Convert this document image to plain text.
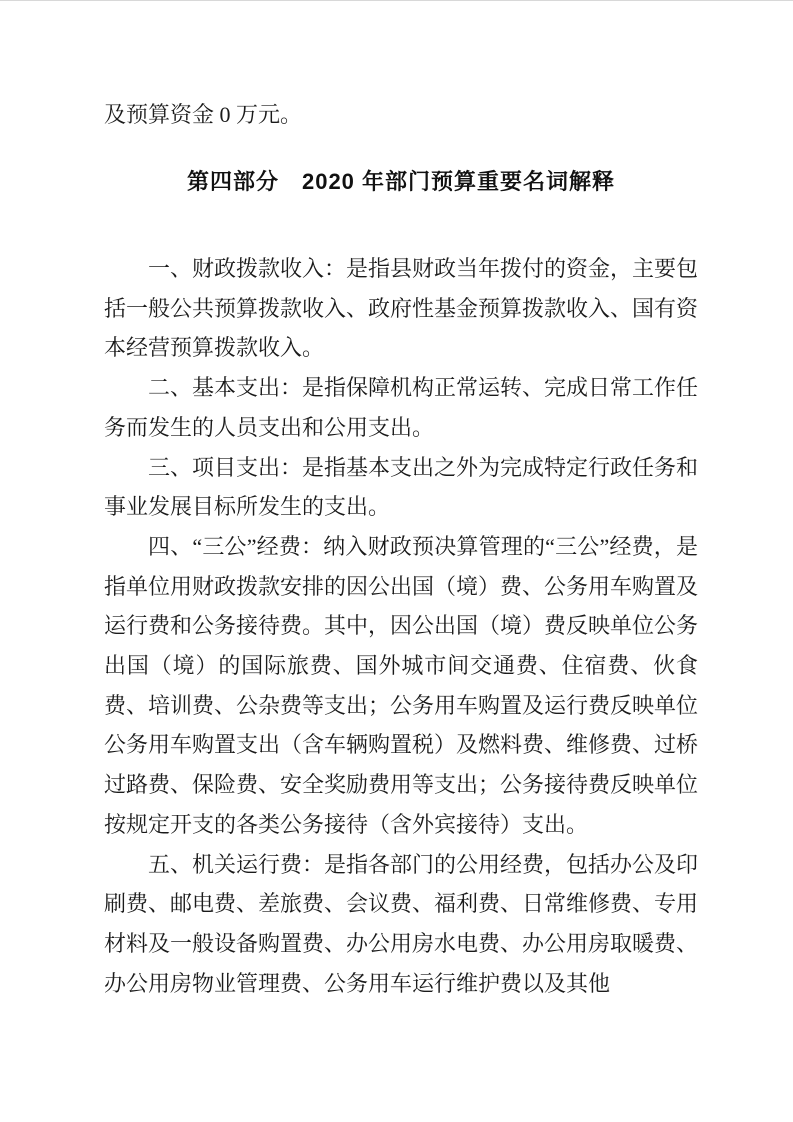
及预算资金 0 万元。

第四部分　2020 年部门预算重要名词解释

一、财政拨款收入：是指县财政当年拨付的资金，主要包括一般公共预算拨款收入、政府性基金预算拨款收入、国有资本经营预算拨款收入。

二、基本支出：是指保障机构正常运转、完成日常工作任务而发生的人员支出和公用支出。

三、项目支出：是指基本支出之外为完成特定行政任务和事业发展目标所发生的支出。

四、“三公”经费：纳入财政预决算管理的“三公”经费，是指单位用财政拨款安排的因公出国（境）费、公务用车购置及运行费和公务接待费。其中，因公出国（境）费反映单位公务出国（境）的国际旅费、国外城市间交通费、住宿费、伙食费、培训费、公杂费等支出；公务用车购置及运行费反映单位公务用车购置支出（含车辆购置税）及燃料费、维修费、过桥过路费、保险费、安全奖励费用等支出；公务接待费反映单位按规定开支的各类公务接待（含外宾接待）支出。

五、机关运行费：是指各部门的公用经费，包括办公及印刷费、邮电费、差旅费、会议费、福利费、日常维修费、专用材料及一般设备购置费、办公用房水电费、办公用房取暖费、办公用房物业管理费、公务用车运行维护费以及其他
